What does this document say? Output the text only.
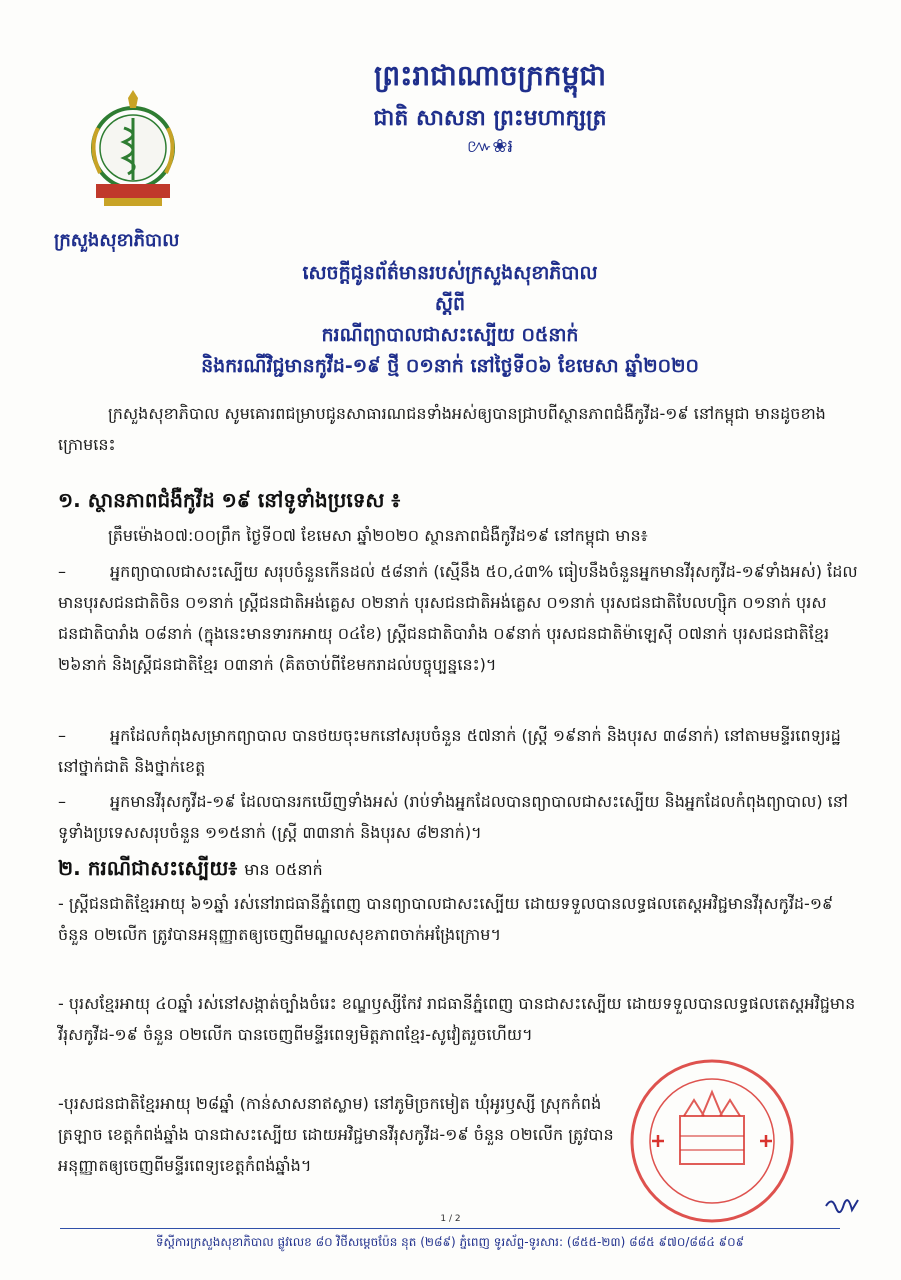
ក្រសួងសុខាភិបាល
ព្រះរាជាណាចក្រកម្ពុជា
ជាតិ សាសនា ព្រះមហាក្សត្រ
៚❀៛
សេចក្តីជូនព័ត៌មានរបស់ក្រសួងសុខាភិបាល
ស្តីពី
ករណីព្យាបាលជាសះស្បើយ ០៥នាក់
និងករណីវិជ្ជមានកូវីដ-១៩ ថ្មី ០១នាក់ នៅថ្ងៃទី០៦ ខែមេសា ឆ្នាំ២០២០
ក្រសួងសុខាភិបាល សូមគោរពជម្រាបជូនសាធារណជនទាំងអស់ឲ្យបានជ្រាបពីស្ថានភាពជំងឺកូវីដ-១៩ នៅកម្ពុជា មានដូចខាងក្រោមនេះ
១. ស្ថានភាពជំងឺកូវីដ ១៩ នៅទូទាំងប្រទេស ៖
ត្រឹមម៉ោង០៧:០០ព្រឹក ថ្ងៃទី០៧ ខែមេសា ឆ្នាំ២០២០ ស្ថានភាពជំងឺកូវីដ១៩ នៅកម្ពុជា មាន៖
–	អ្នកព្យាបាលជាសះស្បើយ សរុបចំនួនកើនដល់ ៥៨នាក់ (ស្មើនឹង ៥០,៤៣% ធៀបនឹងចំនួនអ្នកមានវីរុសកូវីដ-១៩ទាំងអស់) ដែលមានបុរសជនជាតិចិន ០១នាក់ ស្ត្រីជនជាតិអង់គ្លេស ០២នាក់ បុរសជនជាតិអង់គ្លេស ០១នាក់ បុរសជនជាតិបែលហ្ស៊ិក ០១នាក់ បុរសជនជាតិបារាំង ០៨នាក់ (ក្នុងនេះមានទារកអាយុ ០៤ខែ) ស្ត្រីជនជាតិបារាំង ០៩នាក់ បុរសជនជាតិម៉ាឡេស៊ី ០៧នាក់ បុរសជនជាតិខ្មែរ ២៦នាក់ និងស្ត្រីជនជាតិខ្មែរ ០៣នាក់ (គិតចាប់ពីខែមករាដល់បច្ចុប្បន្ននេះ)។
–	អ្នកដែលកំពុងសម្រាកព្យាបាល បានថយចុះមកនៅសរុបចំនួន ៥៧នាក់ (ស្ត្រី ១៩នាក់ និងបុរស ៣៨នាក់) នៅតាមមន្ទីរពេទ្យរដ្ឋនៅថ្នាក់ជាតិ និងថ្នាក់ខេត្ត
–	អ្នកមានវីរុសកូវីដ-១៩ ដែលបានរកឃើញទាំងអស់ (រាប់ទាំងអ្នកដែលបានព្យាបាលជាសះស្បើយ និងអ្នកដែលកំពុងព្យាបាល) នៅទូទាំងប្រទេសសរុបចំនួន ១១៥នាក់ (ស្ត្រី ៣៣នាក់ និងបុរស ៨២នាក់)។
២. ករណីជាសះស្បើយ៖ មាន ០៥នាក់
- ស្ត្រីជនជាតិខ្មែរអាយុ ៦១ឆ្នាំ រស់នៅរាជធានីភ្នំពេញ បានព្យាបាលជាសះស្បើយ ដោយទទួលបានលទ្ធផលតេស្តអវិជ្ជមានវីរុសកូវីដ-១៩ ចំនួន ០២លើក ត្រូវបានអនុញ្ញាតឲ្យចេញពីមណ្ឌលសុខភាពចាក់អង្រែក្រោម។
- បុរសខ្មែរអាយុ ៤០ឆ្នាំ រស់នៅសង្កាត់ច្បាំងចំរេះ ខណ្ឌឫស្សីកែវ រាជធានីភ្នំពេញ បានជាសះស្បើយ ដោយទទួលបានលទ្ធផលតេស្តអវិជ្ជមានវីរុសកូវីដ-១៩ ចំនួន ០២លើក បានចេញពីមន្ទីរពេទ្យមិត្តភាពខ្មែរ-សូវៀតរួចហើយ។
-បុរសជនជាតិខ្មែរអាយុ ២៨ឆ្នាំ (កាន់សាសនាឥស្លាម) នៅភូមិច្រកមៀត ឃុំអូរឫស្សី ស្រុកកំពង់ត្រឡាច ខេត្តកំពង់ឆ្នាំង បានជាសះស្បើយ ដោយអវិជ្ជមានវីរុសកូវីដ-១៩ ចំនួន ០២លើក ត្រូវបានអនុញ្ញាតឲ្យចេញពីមន្ទីរពេទ្យខេត្តកំពង់ឆ្នាំង។
1 / 2
ទីស្តីការក្រសួងសុខាភិបាល ផ្លូវលេខ ៨០ វិថីសម្តេចប៉ែន នុត (២៨៩) ភ្នំពេញ ទូរស័ព្ទ-ទូរសារ: (៨៥៥-២៣) ៨៨៥ ៩៧០/៨៨៤ ៩០៩
